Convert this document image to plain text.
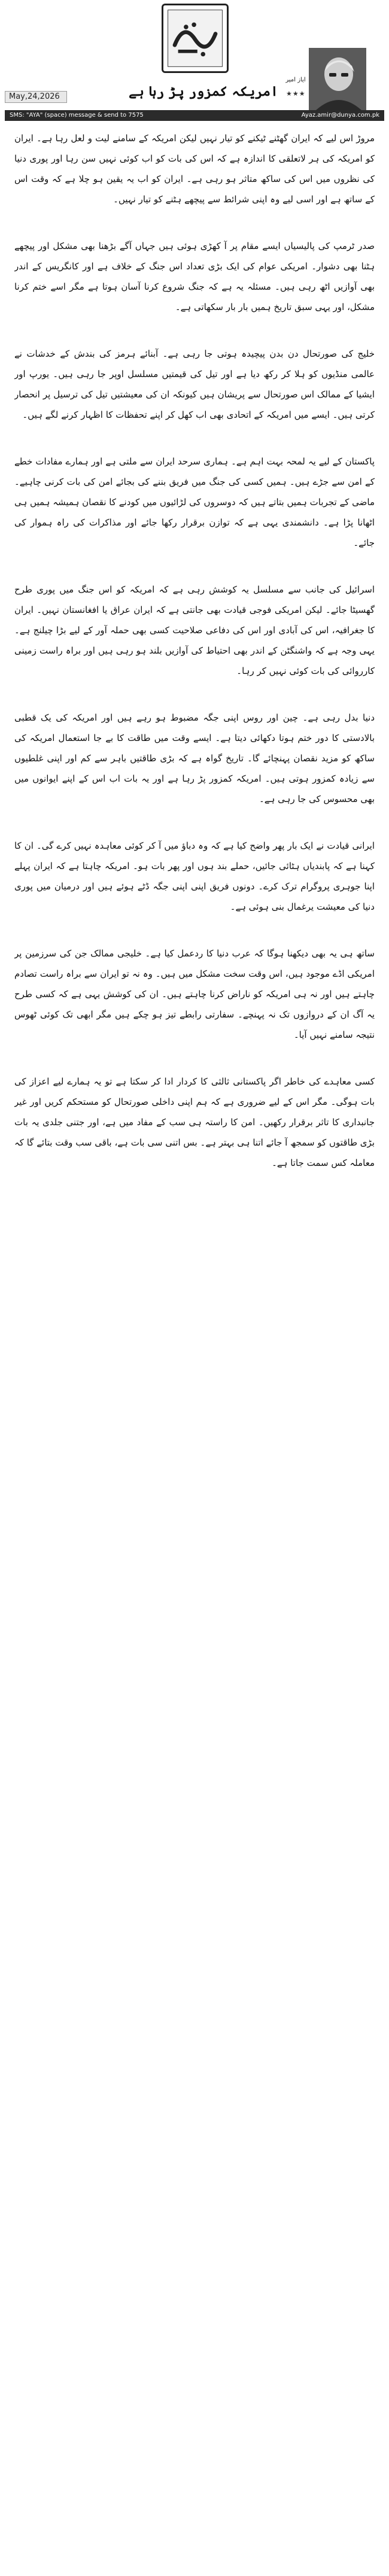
ایاز امیر
★★★
امریکہ کمزور پڑ رہا ہے
May,24,2026
SMS: "AYA" (space) message & send to 7575	Ayaz.amir@dunya.com.pk

مروڑ اس لیے کہ ایران گھٹنے ٹیکنے کو تیار نہیں لیکن امریکہ کے سامنے لیت و لعل رہا ہے۔ ایران کو امریکہ کی ہر لاتعلقی کا اندازہ ہے کہ اس کی بات کو اب کوئی نہیں سن رہا اور پوری دنیا کی نظروں میں اس کی ساکھ متاثر ہو رہی ہے۔ ایران کو اب یہ یقین ہو چلا ہے کہ وقت اس کے ساتھ ہے اور اسی لیے وہ اپنی شرائط سے پیچھے ہٹنے کو تیار نہیں۔

صدر ٹرمپ کی پالیسیاں ایسے مقام پر آ کھڑی ہوئی ہیں جہاں آگے بڑھنا بھی مشکل اور پیچھے ہٹنا بھی دشوار۔ امریکی عوام کی ایک بڑی تعداد اس جنگ کے خلاف ہے اور کانگریس کے اندر بھی آوازیں اٹھ رہی ہیں۔ مسئلہ یہ ہے کہ جنگ شروع کرنا آسان ہوتا ہے مگر اسے ختم کرنا مشکل، اور یہی سبق تاریخ ہمیں بار بار سکھاتی ہے۔

خلیج کی صورتحال دن بدن پیچیدہ ہوتی جا رہی ہے۔ آبنائے ہرمز کی بندش کے خدشات نے عالمی منڈیوں کو ہلا کر رکھ دیا ہے اور تیل کی قیمتیں مسلسل اوپر جا رہی ہیں۔ یورپ اور ایشیا کے ممالک اس صورتحال سے پریشان ہیں کیونکہ ان کی معیشتیں تیل کی ترسیل پر انحصار کرتی ہیں۔ ایسے میں امریکہ کے اتحادی بھی اب کھل کر اپنے تحفظات کا اظہار کرنے لگے ہیں۔

پاکستان کے لیے یہ لمحہ بہت اہم ہے۔ ہماری سرحد ایران سے ملتی ہے اور ہمارے مفادات خطے کے امن سے جڑے ہیں۔ ہمیں کسی کی جنگ میں فریق بننے کی بجائے امن کی بات کرنی چاہیے۔ ماضی کے تجربات ہمیں بتاتے ہیں کہ دوسروں کی لڑائیوں میں کودنے کا نقصان ہمیشہ ہمیں ہی اٹھانا پڑا ہے۔ دانشمندی یہی ہے کہ توازن برقرار رکھا جائے اور مذاکرات کی راہ ہموار کی جائے۔

اسرائیل کی جانب سے مسلسل یہ کوشش رہی ہے کہ امریکہ کو اس جنگ میں پوری طرح گھسیٹا جائے۔ لیکن امریکی فوجی قیادت بھی جانتی ہے کہ ایران عراق یا افغانستان نہیں۔ ایران کا جغرافیہ، اس کی آبادی اور اس کی دفاعی صلاحیت کسی بھی حملہ آور کے لیے بڑا چیلنج ہے۔ یہی وجہ ہے کہ واشنگٹن کے اندر بھی احتیاط کی آوازیں بلند ہو رہی ہیں اور براہ راست زمینی کارروائی کی بات کوئی نہیں کر رہا۔

دنیا بدل رہی ہے۔ چین اور روس اپنی جگہ مضبوط ہو رہے ہیں اور امریکہ کی یک قطبی بالادستی کا دور ختم ہوتا دکھائی دیتا ہے۔ ایسے وقت میں طاقت کا بے جا استعمال امریکہ کی ساکھ کو مزید نقصان پہنچائے گا۔ تاریخ گواہ ہے کہ بڑی طاقتیں باہر سے کم اور اپنی غلطیوں سے زیادہ کمزور ہوتی ہیں۔ امریکہ کمزور پڑ رہا ہے اور یہ بات اب اس کے اپنے ایوانوں میں بھی محسوس کی جا رہی ہے۔

ایرانی قیادت نے ایک بار پھر واضح کیا ہے کہ وہ دباؤ میں آ کر کوئی معاہدہ نہیں کرے گی۔ ان کا کہنا ہے کہ پابندیاں ہٹائی جائیں، حملے بند ہوں اور پھر بات ہو۔ امریکہ چاہتا ہے کہ ایران پہلے اپنا جوہری پروگرام ترک کرے۔ دونوں فریق اپنی اپنی جگہ ڈٹے ہوئے ہیں اور درمیان میں پوری دنیا کی معیشت یرغمال بنی ہوئی ہے۔

ساتھ ہی یہ بھی دیکھنا ہوگا کہ عرب دنیا کا ردعمل کیا ہے۔ خلیجی ممالک جن کی سرزمین پر امریکی اڈے موجود ہیں، اس وقت سخت مشکل میں ہیں۔ وہ نہ تو ایران سے براہ راست تصادم چاہتے ہیں اور نہ ہی امریکہ کو ناراض کرنا چاہتے ہیں۔ ان کی کوشش یہی ہے کہ کسی طرح یہ آگ ان کے دروازوں تک نہ پہنچے۔ سفارتی رابطے تیز ہو چکے ہیں مگر ابھی تک کوئی ٹھوس نتیجہ سامنے نہیں آیا۔

کسی معاہدے کی خاطر اگر پاکستانی ثالثی کا کردار ادا کر سکتا ہے تو یہ ہمارے لیے اعزاز کی بات ہوگی۔ مگر اس کے لیے ضروری ہے کہ ہم اپنی داخلی صورتحال کو مستحکم کریں اور غیر جانبداری کا تاثر برقرار رکھیں۔ امن کا راستہ ہی سب کے مفاد میں ہے، اور جتنی جلدی یہ بات بڑی طاقتوں کو سمجھ آ جائے اتنا ہی بہتر ہے۔ بس اتنی سی بات ہے، باقی سب وقت بتائے گا کہ معاملہ کس سمت جاتا ہے۔
